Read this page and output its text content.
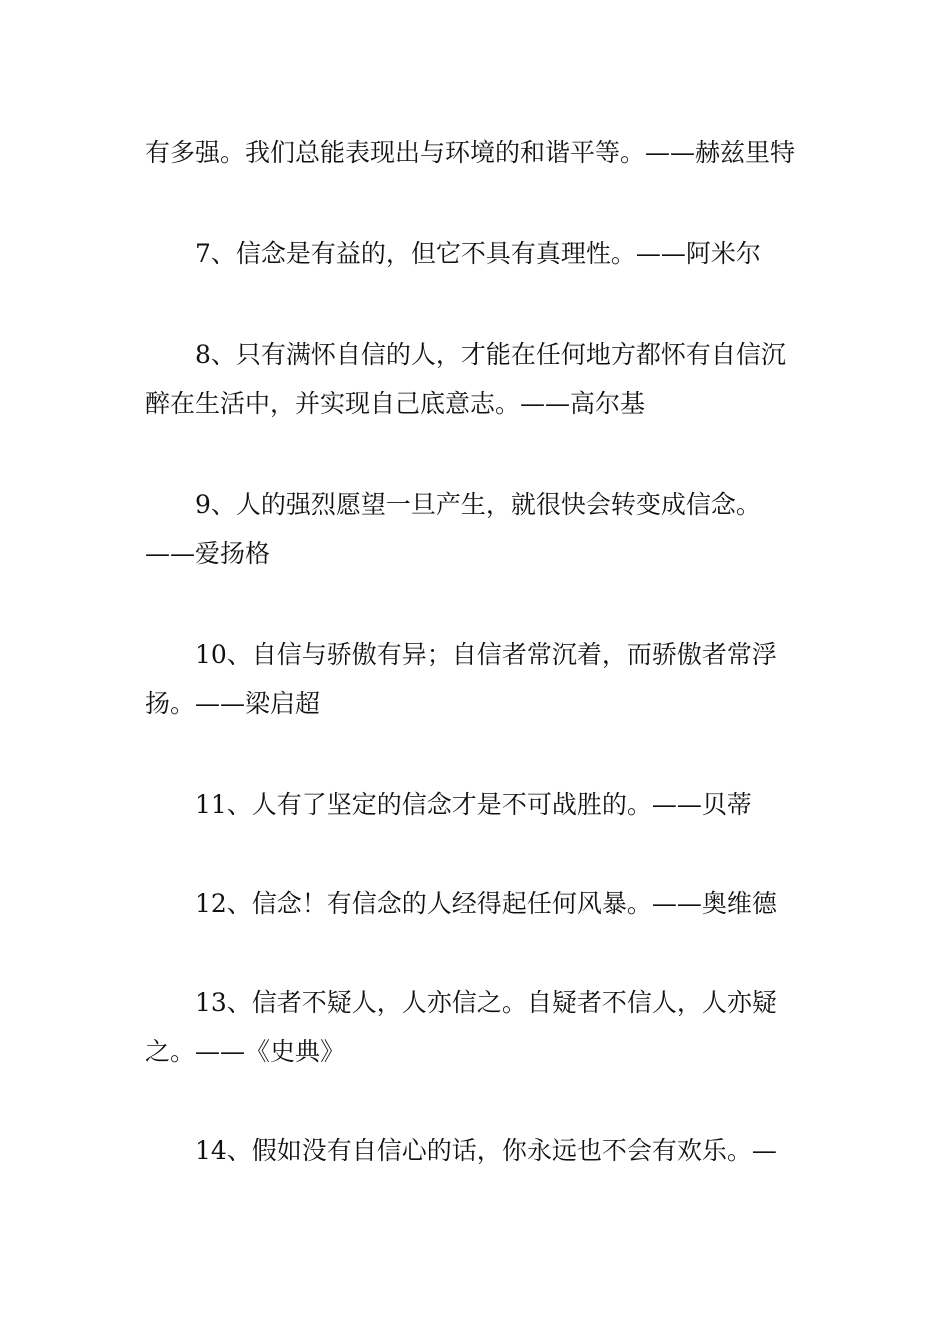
有多强。我们总能表现出与环境的和谐平等。——赫兹里特

7、信念是有益的，但它不具有真理性。——阿米尔

8、只有满怀自信的人，才能在任何地方都怀有自信沉醉在生活中，并实现自己底意志。——高尔基

9、人的强烈愿望一旦产生，就很快会转变成信念。——爱扬格

10、自信与骄傲有异；自信者常沉着，而骄傲者常浮扬。——梁启超

11、人有了坚定的信念才是不可战胜的。——贝蒂

12、信念！有信念的人经得起任何风暴。——奥维德

13、信者不疑人，人亦信之。自疑者不信人，人亦疑之。——《史典》

14、假如没有自信心的话，你永远也不会有欢乐。—
